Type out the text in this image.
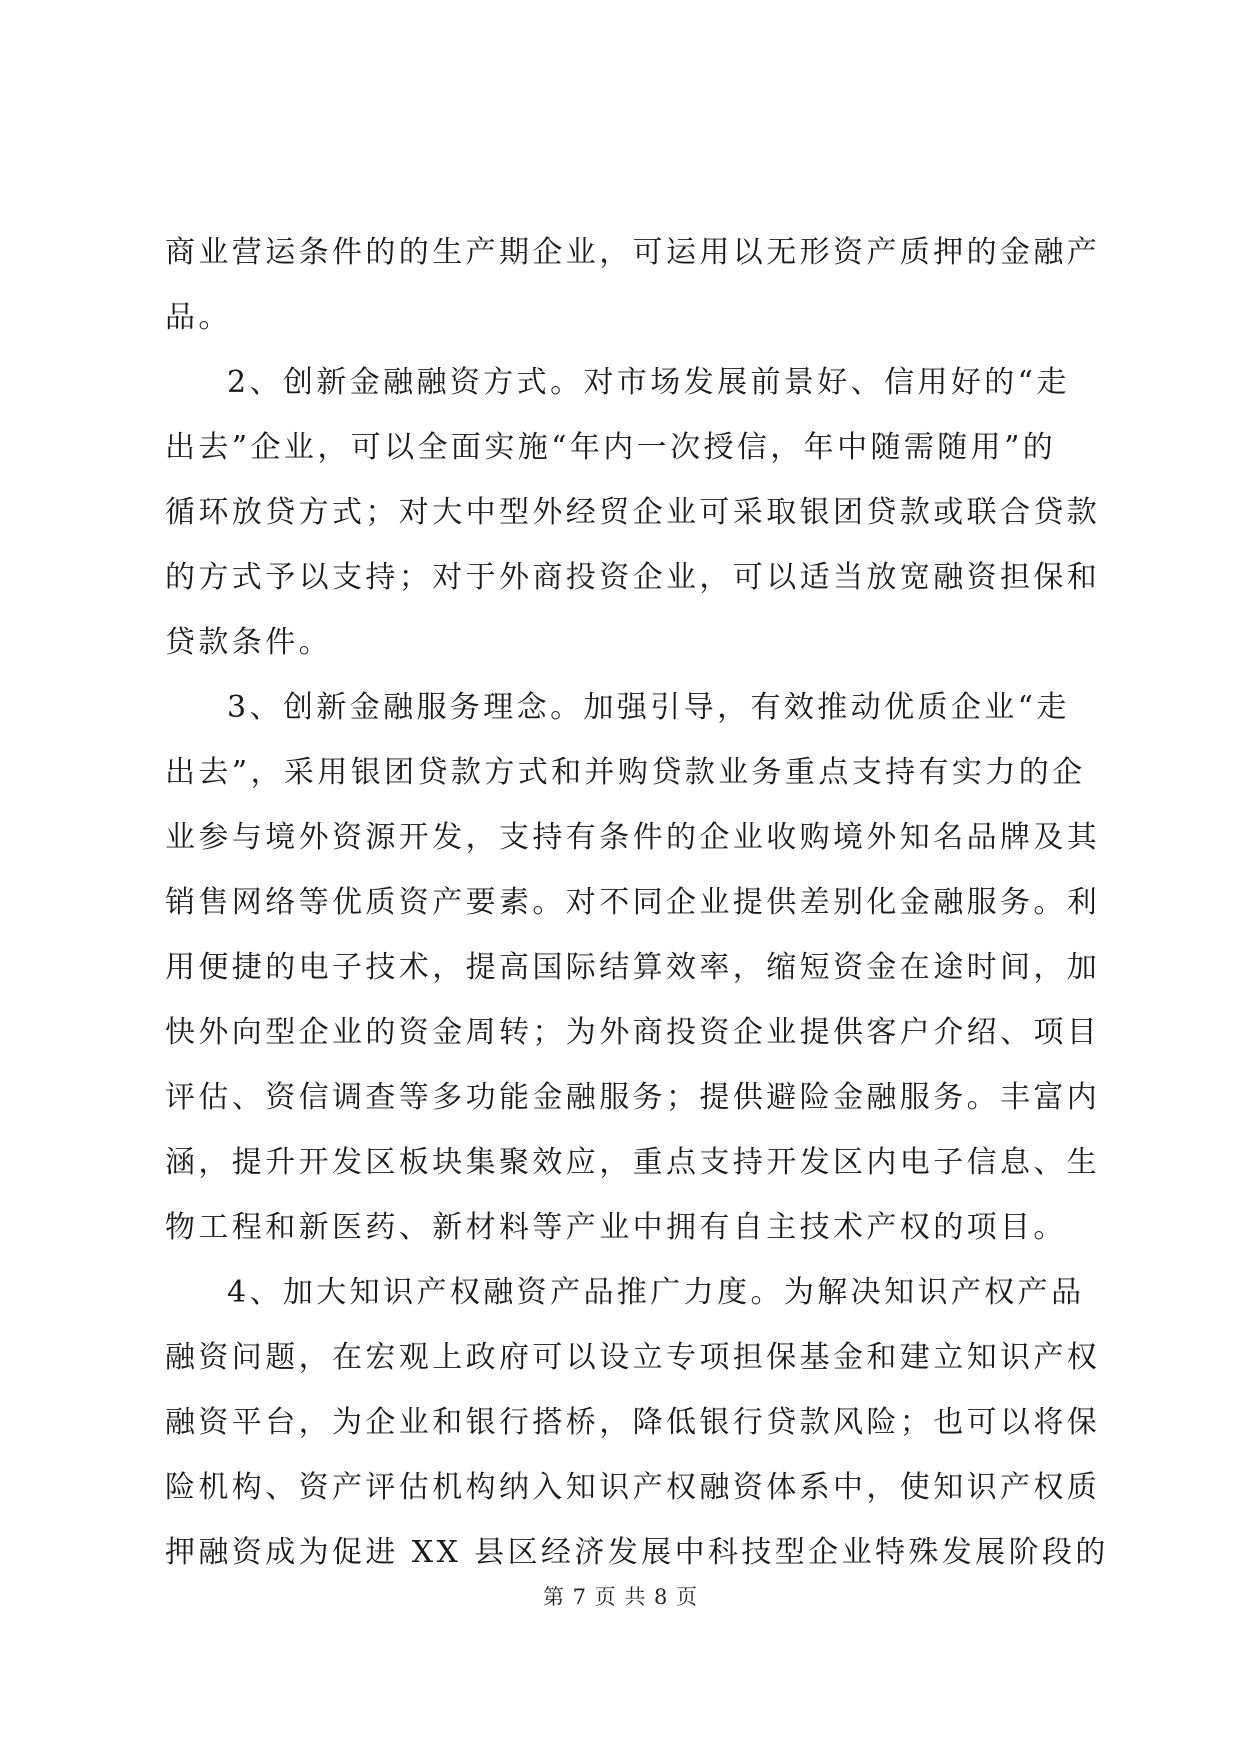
商业营运条件的的生产期企业，可运用以无形资产质押的金融产
品。
2、创新金融融资方式。对市场发展前景好、信用好的“走
出去”企业，可以全面实施“年内一次授信，年中随需随用”的
循环放贷方式；对大中型外经贸企业可采取银团贷款或联合贷款
的方式予以支持；对于外商投资企业，可以适当放宽融资担保和
贷款条件。
3、创新金融服务理念。加强引导，有效推动优质企业“走
出去”，采用银团贷款方式和并购贷款业务重点支持有实力的企
业参与境外资源开发，支持有条件的企业收购境外知名品牌及其
销售网络等优质资产要素。对不同企业提供差别化金融服务。利
用便捷的电子技术，提高国际结算效率，缩短资金在途时间，加
快外向型企业的资金周转；为外商投资企业提供客户介绍、项目
评估、资信调查等多功能金融服务；提供避险金融服务。丰富内
涵，提升开发区板块集聚效应，重点支持开发区内电子信息、生
物工程和新医药、新材料等产业中拥有自主技术产权的项目。
4、加大知识产权融资产品推广力度。为解决知识产权产品
融资问题，在宏观上政府可以设立专项担保基金和建立知识产权
融资平台，为企业和银行搭桥，降低银行贷款风险；也可以将保
险机构、资产评估机构纳入知识产权融资体系中，使知识产权质
押融资成为促进 XX 县区经济发展中科技型企业特殊发展阶段的
第 7 页 共 8 页
